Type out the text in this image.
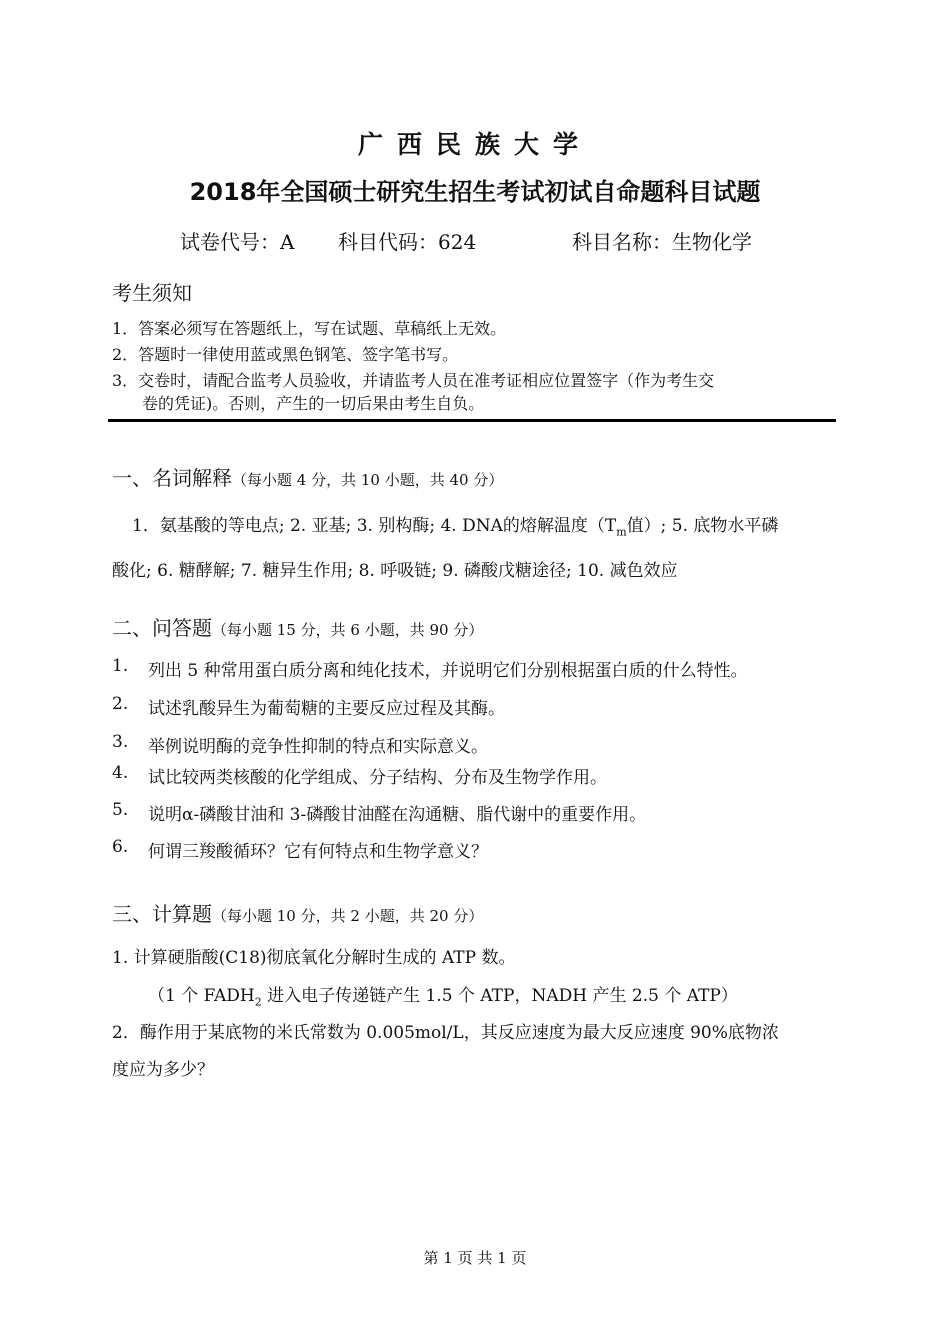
广西民族大学
2018年全国硕士研究生招生考试初试自命题科目试题
试卷代号：A 科目代码：624	科目名称：生物化学
考生须知
1．答案必须写在答题纸上，写在试题、草稿纸上无效。
2．答题时一律使用蓝或黑色钢笔、签字笔书写。
3．交卷时，请配合监考人员验收，并请监考人员在准考证相应位置签字（作为考生交
卷的凭证)。否则，产生的一切后果由考生自负。
一、名词解释（每小题 4 分，共 10 小题，共 40 分）
1．氨基酸的等电点; 2. 亚基; 3. 别构酶; 4. DNA的熔解温度（$T_m$值）; 5. 底物水平磷
酸化; 6. 糖酵解; 7. 糖异生作用; 8. 呼吸链; 9. 磷酸戊糖途径; 10. 减色效应
二、问答题（每小题 15 分，共 6 小题，共 90 分）
1. 列出 5 种常用蛋白质分离和纯化技术，并说明它们分别根据蛋白质的什么特性。
2. 试述乳酸异生为葡萄糖的主要反应过程及其酶。
3. 举例说明酶的竞争性抑制的特点和实际意义。
4. 试比较两类核酸的化学组成、分子结构、分布及生物学作用。
5. 说明α-磷酸甘油和 3-磷酸甘油醛在沟通糖、脂代谢中的重要作用。
6. 何谓三羧酸循环？它有何特点和生物学意义？
三、计算题（每小题 10 分，共 2 小题，共 20 分）
1. 计算硬脂酸(C18)彻底氧化分解时生成的 ATP 数。
（1 个 $FADH_2$ 进入电子传递链产生 1.5 个 ATP，NADH 产生 2.5 个 ATP）
2．酶作用于某底物的米氏常数为 0.005mol/L，其反应速度为最大反应速度 90%底物浓
度应为多少？
第 1 页 共 1 页
